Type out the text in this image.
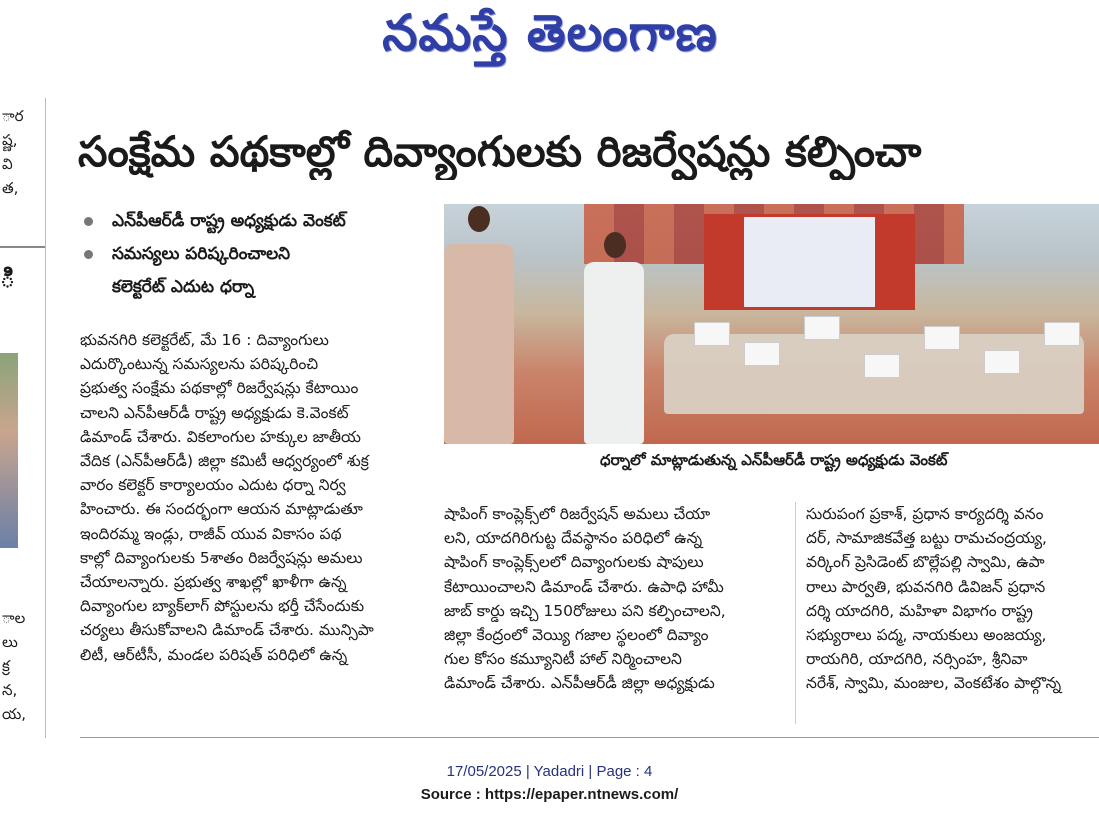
నమస్తే తెలంగాణ
ార
ష్ణ,
వి
త,
ి
ాల
లు
క్ర
న,
య,
సంక్షేమ పథకాల్లో దివ్యాంగులకు రిజర్వేషన్లు కల్పించా
ఎన్‌పీఆర్‌డీ రాష్ట్ర అధ్యక్షుడు వెంకట్
సమస్యలు పరిష్కరించాలని
కలెక్టరేట్ ఎదుట ధర్నా

భువనగిరి కలెక్టరేట్, మే 16 : దివ్యాంగులు

ఎదుర్కొంటున్న సమస్యలను పరిష్కరించి

ప్రభుత్వ సంక్షేమ పథకాల్లో రిజర్వేషన్లు కేటాయిం

చాలని ఎన్‌పీఆర్‌డీ రాష్ట్ర అధ్యక్షుడు కె.వెంకట్

డిమాండ్ చేశారు. వికలాంగుల హక్కుల జాతీయ

వేదిక (ఎన్‌పీఆర్‌డీ) జిల్లా కమిటీ ఆధ్వర్యంలో శుక్ర

వారం కలెక్టర్ కార్యాలయం ఎదుట ధర్నా నిర్వ

హించారు. ఈ సందర్భంగా ఆయన మాట్లాడుతూ

ఇందిరమ్మ ఇండ్లు, రాజీవ్ యువ వికాసం పథ

కాల్లో దివ్యాంగులకు 5శాతం రిజర్వేషన్లు అమలు

చేయాలన్నారు. ప్రభుత్వ శాఖల్లో ఖాళీగా ఉన్న

దివ్యాంగుల బ్యాక్‌లాగ్ పోస్టులను భర్తీ చేసేందుకు

చర్యలు తీసుకోవాలని డిమాండ్ చేశారు. మున్సిపా

లిటీ, ఆర్‌టీసీ, మండల పరిషత్ పరిధిలో ఉన్న

ధర్నాలో మాట్లాడుతున్న ఎన్‌పీఆర్‌డీ రాష్ట్ర అధ్యక్షుడు వెంకట్

షాపింగ్ కాంప్లెక్స్‌లో రిజర్వేషన్ అమలు చేయా

లని, యాదగిరిగుట్ట దేవస్థానం పరిధిలో ఉన్న

షాపింగ్ కాంప్లెక్స్‌లలో దివ్యాంగులకు షాపులు

కేటాయించాలని డిమాండ్ చేశారు. ఉపాధి హామీ

జాబ్ కార్డు ఇచ్చి 150రోజులు పని కల్పించాలని,

జిల్లా కేంద్రంలో వెయ్యి గజాల స్థలంలో దివ్యాం

గుల కోసం కమ్యూనిటీ హాల్ నిర్మించాలని

డిమాండ్ చేశారు. ఎన్‌పీఆర్‌డీ జిల్లా అధ్యక్షుడు

సురుపంగ ప్రకాశ్, ప్రధాన కార్యదర్శి వనం

దర్, సామాజికవేత్త బట్టు రామచంద్రయ్య,

వర్కింగ్ ప్రెసిడెంట్ బొల్లేపల్లి స్వామి, ఉపా

రాలు పార్వతి, భువనగిరి డివిజన్ ప్రధాన

దర్శి యాదగిరి, మహిళా విభాగం రాష్ట్ర

సభ్యురాలు పద్మ, నాయకులు అంజయ్య,

రాయగిరి, యాదగిరి, నర్సింహ, శ్రీనివా

నరేశ్, స్వామి, మంజుల, వెంకటేశం పాల్గొన్న

17/05/2025 | Yadadri | Page : 4
Source : https://epaper.ntnews.com/
